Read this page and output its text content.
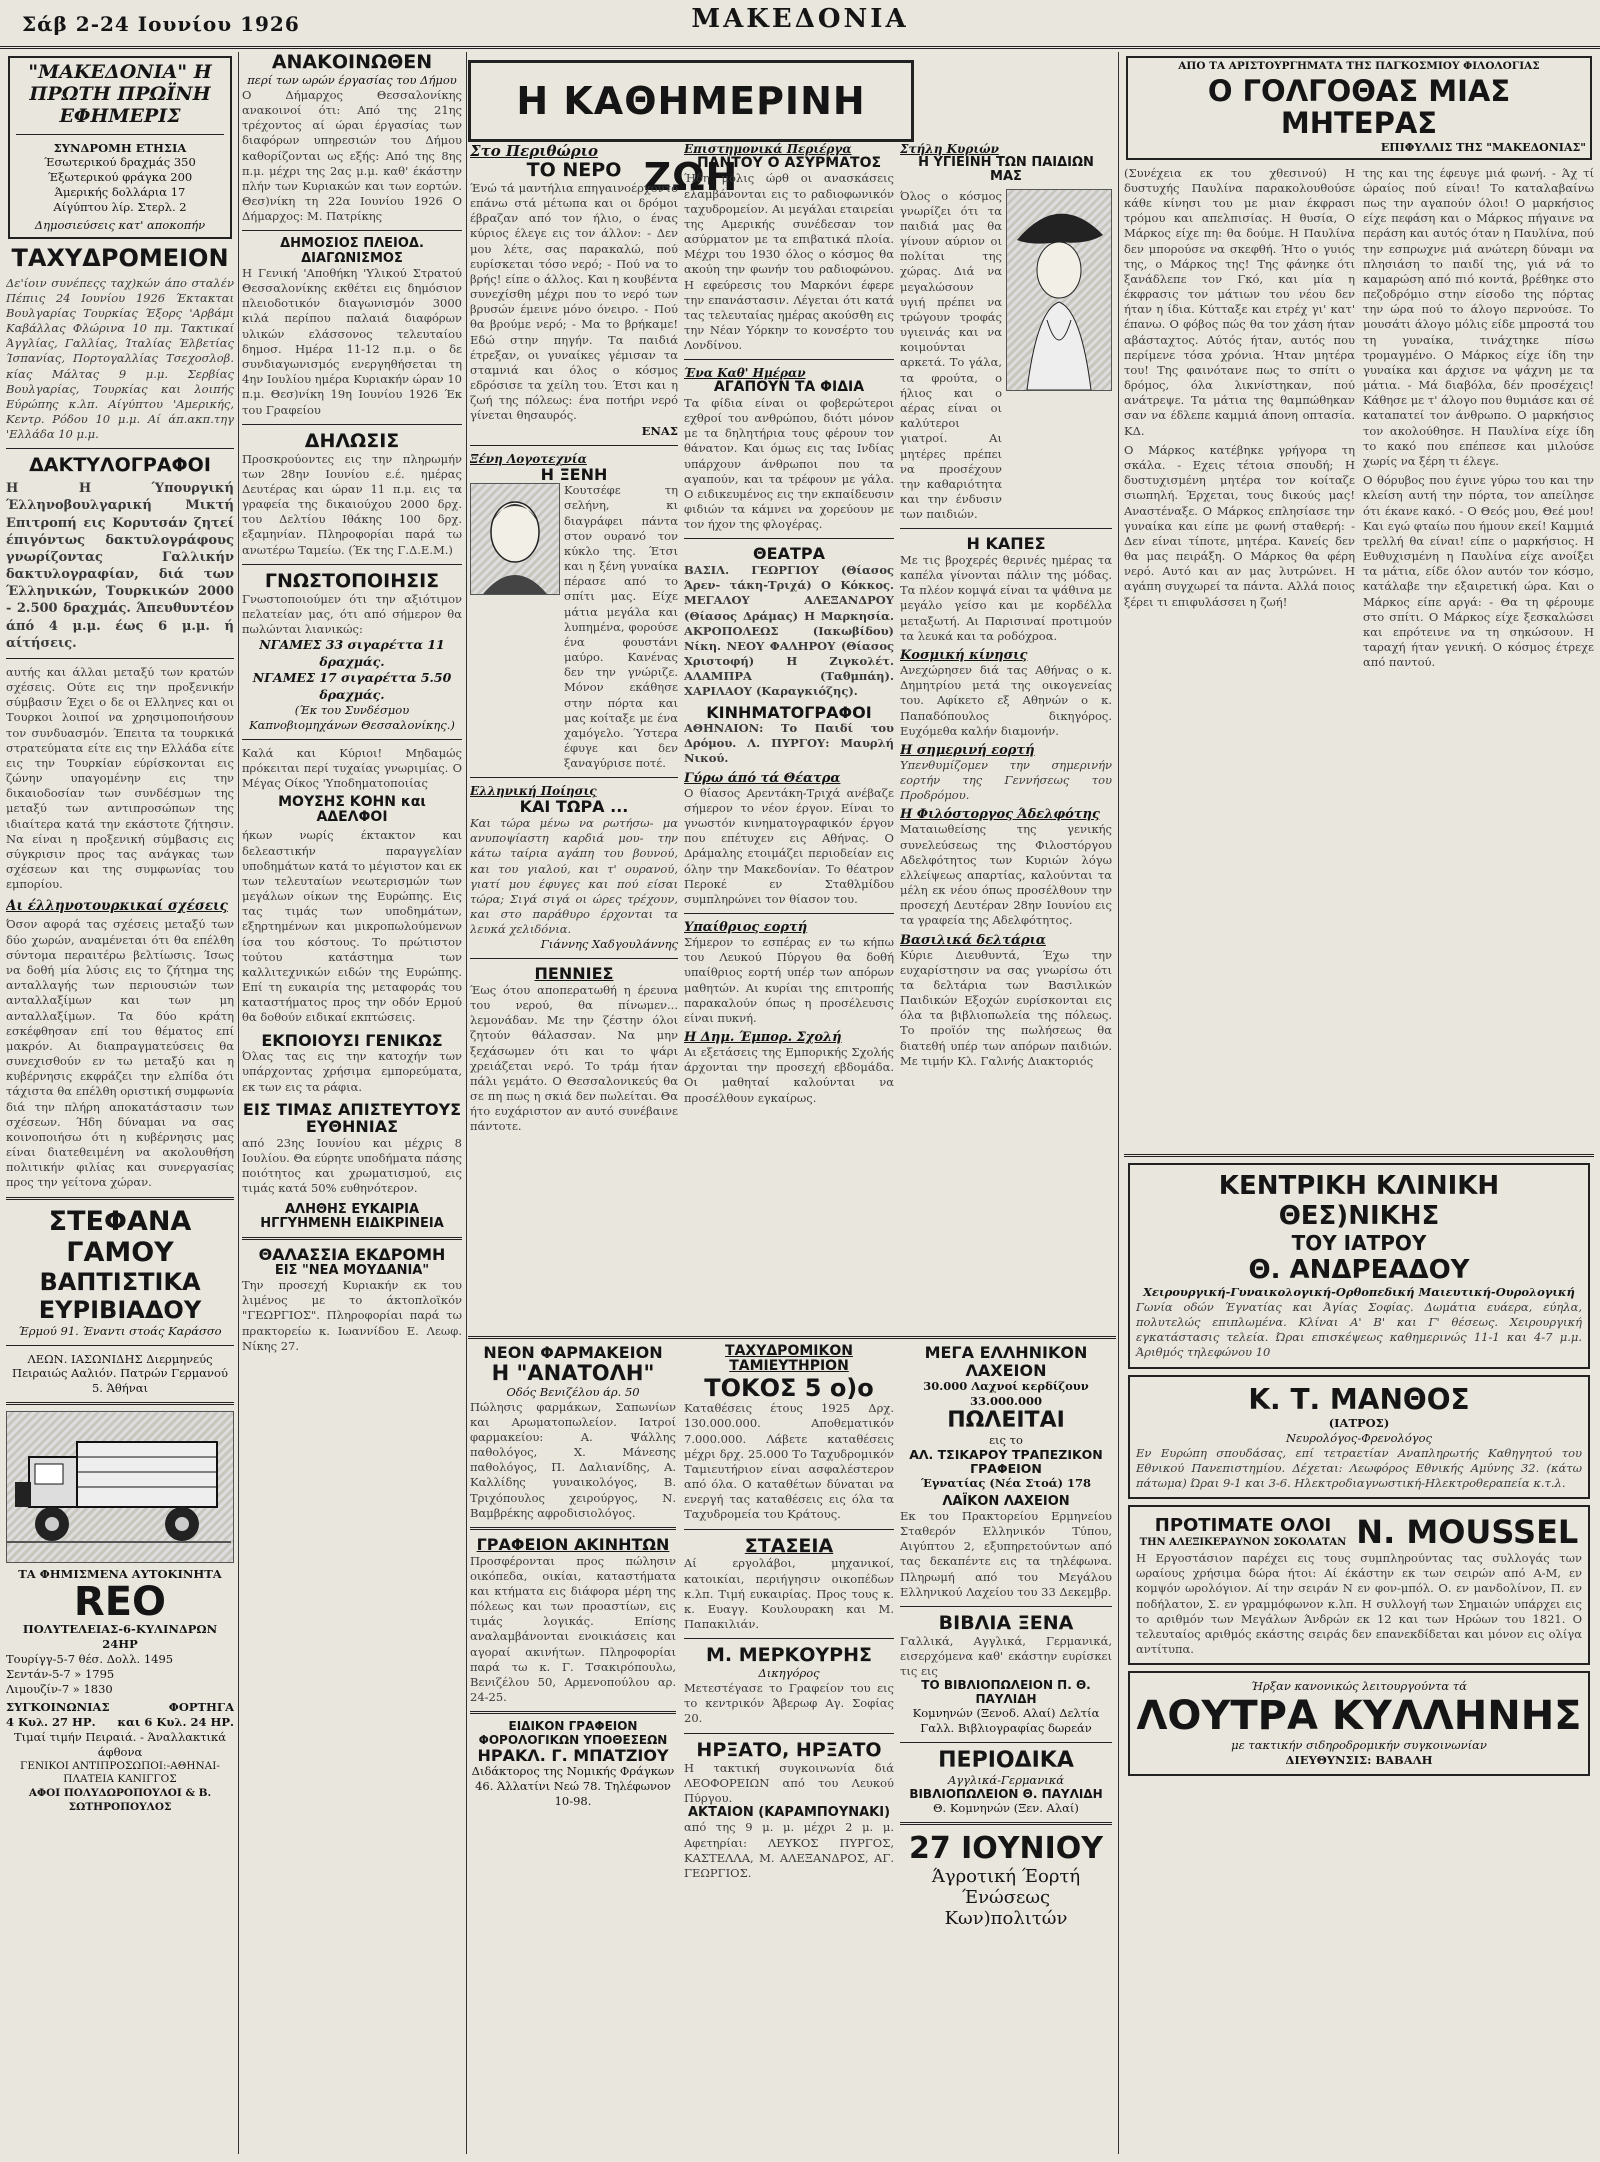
Σάβ 2-24 Ιουνίου 1926	ΜΑΚΕΔΟΝΙΑ
"ΜΑΚΕΔΟΝΙΑ" Η ΠΡΩΤΗ ΠΡΩΪΝΗ ΕΦΗΜΕΡΙΣ
ΣΥΝΔΡΟΜΗ ΕΤΗΣΙΑ
Έσωτερικού δραχμάς 350
Έξωτερικού φράγκα 200
Άμερικής δολλάρια 17
Αίγύπτου λίρ. Στερλ. 2
Δημοσιεύσεις κατ' αποκοπήν
ΤΑΧΥΔΡΟΜΕΙΟΝ
Δε'ίοιν συνέπεςς ταχ)κών άπο σταλέν Πέπιις 24 Ιουνίου 1926 Έκτακται Βουλγαρίας Τουρκίας Έξορς 'Αρβάμι Καβάλλας Φλώρινα 10 πμ. Τακτικαί Άγγλίας, Γαλλίας, Ίταλίας Έλβετίας Ίσπανίας, Πορτογαλλίας Τσεχοσλοβ. κίας Μάλτας 9 μ.μ. Σερβίας Βουλγαρίας, Τουρκίας και λοιπής Εύρώπης κ.λπ. Αίγύπτου 'Αμερικής, Κεντρ. Ρόδου 10 μ.μ. Αί άπ.ακπ.τηγ 'Ελλάδα 10 μ.μ.
ΔΑΚΤΥΛΟΓΡΑΦΟΙ
Η Η Ύπουργική Έλληνοβουλγαρική Μικτή Επιτροπή εις Κορυτσάν ζητεί έπιγόντως δακτυλογράφους γνωρίζοντας Γαλλικήν δακτυλογραφίαν, διά των Έλληνικών, Τουρκικών 2000 - 2.500 δραχμάς. Άπευθυντέον άπό 4 μ.μ. έως 6 μ.μ. ή αίτήσεις.
αυτής και άλλαι μεταξύ των κρατών σχέσεις. Ούτε εις την προξενικήν σύμβασιν Έχει ο δε οι Ελληνες και οι Τουρκοι λοιποί να χρησιμοποιήσουν τον συνδυασμόν. Έπειτα τα τουρκικά στρατεύματα είτε εις την Ελλάδα είτε εις την Τουρκίαν εύρίσκονται εις ζώνην υπαγομένην εις την δικαιοδοσίαν των συνδέσμων της μεταξύ των αντιπροσώπων της ιδιαίτερα κατά την εκάστοτε ζήτησιν. Να είναι η προξενική σύμβασις εις σύγκρισιν προς τας ανάγκας των σχέσεων και της συμφωνίας του εμπορίου.
Αι έλληνοτουρκικαί σχέσεις
Όσον αφορά τας σχέσεις μεταξύ των δύο χωρών, αναμένεται ότι θα επέλθη σύντομα περαιτέρω βελτίωσις. Ίσως να δοθή μία λύσις εις το ζήτημα της ανταλλαγής των περιουσιών των ανταλλαξίμων και των μη ανταλλαξίμων. Τα δύο κράτη εσκέφθησαν επί του θέματος επί μακρόν. Αι διαπραγματεύσεις θα συνεχισθούν εν τω μεταξύ και η κυβέρνησις εκφράζει την ελπίδα ότι τάχιστα θα επέλθη οριστική συμφωνία διά την πλήρη αποκατάστασιν των σχέσεων. Ήδη δύναμαι να σας κοινοποιήσω ότι η κυβέρνησις μας είναι διατεθειμένη να ακολουθήση πολιτικήν φιλίας και συνεργασίας προς την γείτονα χώραν.
ΣΤΕΦΑΝΑ ΓΑΜΟΥ
ΒΑΠΤΙΣΤΙΚΑ
ΕΥΡΙΒΙΑΔΟΥ
Έρμού 91. Έναντι στοάς Καράσσο
ΛΕΩΝ. ΙΑΣΩΝΙΔΗΣ Διερμηνεύς Πειραιώς Ααλιόν. Πατρών Γερμανού 5. Άθήναι
ΤΑ ΦΗΜΙΣΜΕΝΑ ΑΥΤΟΚΙΝΗΤΑ
REO
ΠΟΛΥΤΕΛΕΙΑΣ-6-ΚΥΛΙΝΔΡΩΝ 24ΗΡ
Τουρίγγ-5-7 θέσ. Δολλ. 1495
Σεντάν-5-7 » 1795
Λιμουζίν-7 » 1830
ΣΥΓΚΟΙΝΩΝΙΑΣ	ΦΟΡΤΗΓΑ
4 Κυλ. 27 ΗΡ. και 6 Κυλ. 24 ΗΡ.
Τιμαί τιμήν Πειραιά. - Άναλλακτικά άφθονα
ΓΕΝΙΚΟΙ ΑΝΤΙΠΡΟΣΩΠΟΙ:-ΑΘΗΝΑΙ-ΠΛΑΤΕΙΑ ΚΑΝΙΓΓΟΣ
ΑΦΟΙ ΠΟΛΥΔΩΡΟΠΟΥΛΟΙ & Β. ΣΩΤΗΡΟΠΟΥΛΟΣ
ΑΝΑΚΟΙΝΩΘΕΝ
περί των ωρών έργασίας του Δήμου
Ο Δήμαρχος Θεσσαλονίκης ανακοινοί ότι: Από της 21ης τρέχοντος αί ώραι έργασίας των διαφόρων υπηρεσιών του Δήμου καθορίζονται ως εξής: Από της 8ης π.μ. μέχρι της 2ας μ.μ. καθ' έκάστην πλήν των Κυριακών και των εορτών. Θεσ)νίκη τη 22α Ιουνίου 1926 Ο Δήμαρχος: Μ. Πατρίκης
ΔΗΜΟΣΙΟΣ ΠΛΕΙΟΔ. ΔΙΑΓΩΝΙΣΜΟΣ
Η Γενική 'Αποθήκη 'Υλικού Στρατού Θεσσαλονίκης εκθέτει εις δημόσιον πλειοδοτικόν διαγωνισμόν 3000 κιλά περίπου παλαιά διαφόρων υλικών ελάσσονος τελευταίου δημοσ. Ημέρα 11-12 π.μ. ο δε συνδιαγωνισμός ενεργηθήσεται τη 4ην Ιουλίου ημέρα Κυριακήν ώραν 10 π.μ. Θεσ)νίκη 19η Ιουνίου 1926 Έκ του Γραφείου
ΔΗΛΩΣΙΣ
Προσκρούοντες εις την πληρωμήν των 28ην Ιουνίου ε.έ. ημέρας Δευτέρας και ώραν 11 π.μ. εις τα γραφεία της δικαιούχου 2000 δρχ. του Δελτίου Ιθάκης 100 δρχ. εξαμηνίαν. Πληροφορίαι παρά τω ανωτέρω Ταμείω. (Έκ της Γ.Δ.Ε.Μ.)
ΓΝΩΣΤΟΠΟΙΗΣΙΣ
Γνωστοποιούμεν ότι την αξιότιμον πελατείαν μας, ότι από σήμερον θα πωλώνται λιανικώς:
ΝΓΑΜΕΣ 33 σιγαρέττα 11 δραχμάς.
ΝΓΑΜΕΣ 17 σιγαρέττα 5.50 δραχμάς.
(Έκ του Συνδέσμου Καπνοβιομηχάνων Θεσσαλονίκης.)
Καλά και Κύριοι! Μηδαμώς πρόκειται περί τυχαίας γνωριμίας. Ο Μέγας Οίκος 'Υποδηματοποιίας
ΜΟΥΣΗΣ ΚΟΗΝ και ΑΔΕΛΦΟΙ
ήκων νωρίς έκτακτον και δελεαστικήν παραγγελίαν υποδημάτων κατά το μέγιστον και εκ των τελευταίων νεωτερισμών των μεγάλων οίκων της Ευρώπης. Εις τας τιμάς των υποδημάτων, εξηρτημένων και μικροπωλούμενων ίσα του κόστους. Το πρώτιστον τούτου κατάστημα των καλλιτεχνικών ειδών της Ευρώπης. Επί τη ευκαιρία της μεταφοράς του καταστήματος προς την οδόν Ερμού θα δοθούν ειδικαί εκπτώσεις.
ΕΚΠΟΙΟΥΣΙ ΓΕΝΙΚΩΣ
Όλας τας εις την κατοχήν των υπάρχοντας χρήσιμα εμπορεύματα, εκ των εις τα ράφια.
ΕΙΣ ΤΙΜΑΣ ΑΠΙΣΤΕΥΤΟΥΣ ΕΥΘΗΝΙΑΣ
από 23ης Ιουνίου και μέχρις 8 Ιουλίου. Θα εύρητε υποδήματα πάσης ποιότητος και χρωματισμού, εις τιμάς κατά 50% ευθηνότερον.
ΑΛΗΘΗΣ ΕΥΚΑΙΡΙΑ ΗΓΓΥΗΜΕΝΗ ΕΙΔΙΚΡΙΝΕΙΑ
ΘΑΛΑΣΣΙΑ ΕΚΔΡΟΜΗ
ΕΙΣ "ΝΕΑ ΜΟΥΔΑΝΙΑ"
Την προσεχή Κυριακήν εκ του λιμένος με το άκτοπλοϊκόν "ΓΕΩΡΓΙΟΣ". Πληροφορίαι παρά τω πρακτορείω κ. Ιωαννίδου Ε. Λεωφ. Νίκης 27.
Η ΚΑΘΗΜΕΡΙΝΗ ΖΩΗ
Στο Περιθώριο
ΤΟ ΝΕΡΟ
Ένώ τά μαντήλια επηγαινοέρχοντο επάνω στά μέτωπα και οι δρόμοι έβραζαν από τον ήλιο, ο ένας κύριος έλεγε εις τον άλλον: - Δεν μου λέτε, σας παρακαλώ, πού ευρίσκεται τόσο νερό; - Πού να το βρής! είπε ο άλλος. Και η κουβέντα συνεχίσθη μέχρι που το νερό των βρυσών έμεινε μόνο όνειρο. - Πού θα βρούμε νερό; - Μα το βρήκαμε! Εδώ στην πηγήν. Τα παιδιά έτρεξαν, οι γυναίκες γέμισαν τα σταμνιά και όλος ο κόσμος εδρόσισε τα χείλη του. Έτσι και η ζωή της πόλεως: ένα ποτήρι νερό γίνεται θησαυρός.
ΕΝΑΣ
Ξένη Λογοτεχνία
Η ΞΕΝΗ
Κουτσέφε τη σελήνη, κι διαγράφει πάντα στον ουρανό τον κύκλο της. Έτσι και η ξένη γυναίκα πέρασε από το σπίτι μας. Είχε μάτια μεγάλα και λυπημένα, φορούσε ένα φουστάνι μαύρο. Κανένας δεν την γνώριζε. Μόνον εκάθησε στην πόρτα και μας κοίταξε με ένα χαμόγελο. Ύστερα έφυγε και δεν ξαναγύρισε ποτέ.
Ελληνική Ποίησις
ΚΑΙ ΤΩΡΑ ...
Και τώρα μένω να ρωτήσω- μα ανυποψίαστη καρδιά μου- την κάτω ταίρια αγάπη του βουνού, και του γιαλού, και τ' ουρανού, γιατί μου έφυγες και πού είσαι τώρα; Σιγά σιγά οι ώρες τρέχουν, και στο παράθυρο έρχονται τα λευκά χελιδόνια.
Γιάννης Χαδγουλάννης
ΠΕΝΝΙΕΣ
Έως ότου αποπερατωθή η έρευνα του νερού, θα πίνωμεν... λεμονάδαν. Με την ζέστην όλοι ζητούν θάλασσαν. Να μην ξεχάσωμεν ότι και το ψάρι χρειάζεται νερό. Το τράμ ήταν πάλι γεμάτο. Ο Θεσσαλονικεύς θα σε πη πως η σκιά δεν πωλείται. Θα ήτο ευχάριστον αν αυτό συνέβαινε πάντοτε.
Επιστημονικά Περιέργα
ΠΑΝΤΟΥ Ο ΑΣΥΡΜΑΤΟΣ
Ήδη μόλις ώρθ οι ανασκάσεις ελαμβάνονται εις το ραδιοφωνικόν ταχυδρομείον. Αι μεγάλαι εταιρείαι της Αμερικής συνέδεσαν τον ασύρματον με τα επιβατικά πλοία. Μέχρι του 1930 όλος ο κόσμος θα ακούη την φωνήν του ραδιοφώνου. Η εφεύρεσις του Μαρκόνι έφερε την επανάστασιν. Λέγεται ότι κατά τας τελευταίας ημέρας ακούσθη εις την Νέαν Υόρκην το κονσέρτο του Λονδίνου.
Ένα Καθ' Ημέραν
ΑΓΑΠΟΥΝ ΤΑ ΦΙΔΙΑ
Τα φίδια είναι οι φοβερώτεροι εχθροί του ανθρώπου, διότι μόνον με τα δηλητήρια τους φέρουν τον θάνατον. Και όμως εις τας Ινδίας υπάρχουν άνθρωποι που τα αγαπούν, και τα τρέφουν με γάλα. Ο ειδικευμένος εις την εκπαίδευσιν φιδιών τα κάμνει να χορεύουν με τον ήχον της φλογέρας.
ΘΕΑΤΡΑ
ΒΑΣΙΛ. ΓΕΩΡΓΙΟΥ (Θίασος Άρεν- τάκη-Τριχά) Ο Κόκκος. ΜΕΓΑΛΟΥ ΑΛΕΞΑΝΔΡΟΥ (Θίασος Δράμας) Η Μαρκησία. ΑΚΡΟΠΟΛΕΩΣ (Ιακωβίδου) Νίκη. ΝΕΟΥ ΦΑΛΗΡΟΥ (Θίασος Χριστοφή) Η Ζιγκολέτ. ΑΛΑΜΠΡΑ (Ταθμπάη). ΧΑΡΙΛΑΟΥ (Καραγκιόζης).
ΚΙΝΗΜΑΤΟΓΡΑΦΟΙ
ΑΘΗΝΑΙΟΝ: Το Παιδί του Δρόμου. Λ. ΠΥΡΓΟΥ: Μαυρλή Νικού.
Γύρω άπό τά Θέατρα
Ο θίασος Αρεντάκη-Τριχά ανέβαζε σήμερον το νέον έργον. Είναι το γνωστόν κινηματογραφικόν έργον που επέτυχεν εις Αθήνας. Ο Δράμαλης ετοιμάζει περιοδείαν εις όλην την Μακεδονίαν. Το θέατρον Περοκέ εν Σταθλμίδου συμπληρώνει τον θίασον του.
Υπαίθριος εορτή
Σήμερον το εσπέρας εν τω κήπω του Λευκού Πύργου θα δοθή υπαίθριος εορτή υπέρ των απόρων μαθητών. Αι κυρίαι της επιτροπής παρακαλούν όπως η προσέλευσις είναι πυκνή.
Η Δημ. Έμπορ. Σχολή
Αι εξετάσεις της Εμπορικής Σχολής άρχονται την προσεχή εβδομάδα. Οι μαθηταί καλούνται να προσέλθουν εγκαίρως.
Στήλη Κυριών
Η ΥΓΙΕΙΝΗ ΤΩΝ ΠΑΙΔΙΩΝ ΜΑΣ
Όλος ο κόσμος γνωρίζει ότι τα παιδιά μας θα γίνουν αύριον οι πολίται της χώρας. Διά να μεγαλώσουν υγιή πρέπει να τρώγουν τροφάς υγιεινάς και να κοιμούνται αρκετά. Το γάλα, τα φρούτα, ο ήλιος και ο αέρας είναι οι καλύτεροι γιατροί. Αι μητέρες πρέπει να προσέχουν την καθαριότητα και την ένδυσιν των παιδιών.
Η ΚΑΠΕΣ
Με τις βροχερές θερινές ημέρας τα καπέλα γίνονται πάλιν της μόδας. Τα πλέον κομψά είναι τα ψάθινα με μεγάλο γείσο και με κορδέλλα μεταξωτή. Αι Παρισιναί προτιμούν τα λευκά και τα ροδόχροα.
Κοσμική κίνησις
Ανεχώρησεν διά τας Αθήνας ο κ. Δημητρίου μετά της οικογενείας του. Αφίκετο εξ Αθηνών ο κ. Παπαδόπουλος δικηγόρος. Ευχόμεθα καλήν διαμονήν.
Η σημερινή εορτή
Υπενθυμίζομεν την σημερινήν εορτήν της Γεννήσεως του Προδρόμου.
Η Φιλόστοργος Άδελφότης
Ματαιωθείσης της γενικής συνελεύσεως της Φιλοστόργου Αδελφότητος των Κυριών λόγω ελλείψεως απαρτίας, καλούνται τα μέλη εκ νέου όπως προσέλθουν την προσεχή Δευτέραν 28ην Ιουνίου εις τα γραφεία της Αδελφότητος.
Βασιλικά δελτάρια
Κύριε Διευθυντά, Έχω την ευχαρίστησιν να σας γνωρίσω ότι τα δελτάρια των Βασιλικών Παιδικών Εξοχών ευρίσκονται εις όλα τα βιβλιοπωλεία της πόλεως. Το προϊόν της πωλήσεως θα διατεθή υπέρ των απόρων παιδιών. Με τιμήν Κλ. Γαλνής Διακτοριός
ΝΕΟΝ ΦΑΡΜΑΚΕΙΟΝ
Η "ΑΝΑΤΟΛΗ"
Οδός Βενιζέλου άρ. 50
Πώλησις φαρμάκων, Σαπωνίων και Αρωματοπωλείον. Ιατροί φαρμακείου: Α. Ψάλλης παθολόγος, Χ. Μάνεσης παθολόγος, Π. Δαλιανίδης, Α. Καλλίδης γυναικολόγος, Β. Τριχόπουλος χειρούργος, Ν. Βαμβρέκης αφροδισιολόγος.
ΓΡΑΦΕΙΟΝ ΑΚΙΝΗΤΩΝ
Προσφέρονται προς πώλησιν οικόπεδα, οικίαι, καταστήματα και κτήματα εις διάφορα μέρη της πόλεως και των προαστίων, εις τιμάς λογικάς. Επίσης αναλαμβάνονται ενοικιάσεις και αγοραί ακινήτων. Πληροφορίαι παρά τω κ. Γ. Τσακιρόπουλω, Βενιζέλου 50, Αρμενοπούλου αρ. 24-25.
ΕΙΔΙΚΟΝ ΓΡΑΦΕΙΟΝ ΦΟΡΟΛΟΓΙΚΩΝ ΥΠΟΘΕΣΕΩΝ
ΗΡΑΚΛ. Γ. ΜΠΑΤΖΙΟΥ
Διδάκτορος της Νομικής Φράγκων 46. Άλλατίνι Νεώ 78. Τηλέφωνον 10-98.
ΤΑΧΥΔΡΟΜΙΚΟΝ ΤΑΜΙΕΥΤΗΡΙΟΝ
ΤΟΚΟΣ 5 ο)ο
Καταθέσεις έτους 1925 Δρχ. 130.000.000. Αποθεματικόν 7.000.000. Λάβετε καταθέσεις μέχρι δρχ. 25.000 Το Ταχυδρομικόν Ταμιευτήριον είναι ασφαλέστερον από όλα. Ο καταθέτων δύναται να ενεργή τας καταθέσεις εις όλα τα Ταχυδρομεία του Κράτους.
ΣΤΑΣΕΙΑ
Αί εργολάβοι, μηχανικοί, κατοικίαι, περιήγησιν οικοπέδων κ.λπ. Τιμή ευκαιρίας. Προς τους κ. κ. Ευαγγ. Κουλουρακη και Μ. Παπακιλιάν.
Μ. ΜΕΡΚΟΥΡΗΣ
Δικηγόρος
Μετεστέγασε το Γραφείον του εις το κεντρικόν Άβερωφ Αγ. Σοφίας 20.
ΗΡΞΑΤΟ, ΗΡΞΑΤΟ
Η τακτική συγκοινωνία διά ΛΕΟΦΟΡΕΙΩΝ από του Λευκού Πύργου.
ΑΚΤΑΙΟΝ (ΚΑΡΑΜΠΟΥΝΑΚΙ)
από της 9 μ. μ. μέχρι 2 μ. μ. Αφετηρίαι: ΛΕΥΚΟΣ ΠΥΡΓΟΣ, ΚΑΣΤΕΛΛΑ, Μ. ΑΛΕΞΑΝΔΡΟΣ, ΑΓ. ΓΕΩΡΓΙΟΣ.
ΜΕΓΑ ΕΛΛΗΝΙΚΟΝ ΛΑΧΕΙΟΝ
30.000 Λαχνοί κερδίζουν 33.000.000
ΠΩΛΕΙΤΑΙ
εις το
ΑΛ. ΤΣΙΚΑΡΟΥ ΤΡΑΠΕΖΙΚΟΝ ΓΡΑΦΕΙΟΝ
Έγνατίας (Νέα Στοά) 178
ΛΑΪΚΟΝ ΛΑΧΕΙΟΝ
Εκ του Πρακτορείου Ερμηνείου Σταθερόν Ελληνικόν Τύπου, Αιγύπτου 2, εξυπηρετούντων από τας δεκαπέντε εις τα τηλέφωνα. Πληρωμή από του Μεγάλου Ελληνικού Λαχείου του 33 Δεκεμβρ.
ΒΙΒΛΙΑ ΞΕΝΑ
Γαλλικά, Αγγλικά, Γερμανικά, εισερχόμενα καθ' εκάστην ευρίσκει τις εις
ΤΟ ΒΙΒΛΙΟΠΩΛΕΙΟΝ Π. Θ. ΠΑΥΛΙΔΗ
Κομνηνών (Ξενοδ. Αλαί) Δελτία Γαλλ. Βιβλιογραφίας δωρεάν
ΠΕΡΙΟΔΙΚΑ
Αγγλικά-Γερμανικά
ΒΙΒΛΙΟΠΩΛΕΙΟΝ Θ. ΠΑΥΛΙΔΗ
Θ. Κομνηνών (Ξεν. Αλαί)
27 ΙΟΥΝΙΟΥ
Άγροτική Έορτή
Ένώσεως
Κων)πολιτών
ΑΠΟ ΤΑ ΑΡΙΣΤΟΥΡΓΗΜΑΤΑ ΤΗΣ ΠΑΓΚΟΣΜΙΟΥ ΦΙΛΟΛΟΓΙΑΣ
Ο ΓΟΛΓΟΘΑΣ ΜΙΑΣ ΜΗΤΕΡΑΣ
ΕΠΙΦΥΛΛΙΣ ΤΗΣ "ΜΑΚΕΔΟΝΙΑΣ"
(Συνέχεια εκ του χθεσινού) Η δυστυχής Παυλίνα παρακολουθούσε κάθε κίνησι του με μιαν έκφρασι τρόμου και απελπισίας. Η θυσία, Ο Μάρκος είχε πη: θα δούμε. Η Παυλίνα δεν μπορούσε να σκεφθή. Ήτο ο γυιός της, ο Μάρκος της! Της φάνηκε ότι ξανάδλεπε τον Γκό, και μία η έκφρασις τον μάτιων του νέου δεν ήταν η ίδια. Κύτταξε και ετρέχ γι' κατ' έπανω. Ο φόβος πώς θα τον χάση ήταν αβάσταχτος. Αύτός ήταν, αυτός που περίμενε τόσα χρόνια. Ήταν μητέρα του! Της φαινότανε πως το σπίτι ο δρόμος, όλα λικνίστηκαν, πού ανάτρεψε. Τα μάτια της θαμπώθηκαν σαν να έδλεπε καμμιά άπονη οπτασία. ΚΔ.
Ο Μάρκος κατέβηκε γρήγορα τη σκάλα. - Εχεις τέτοια σπουδή; Η δυστυχισμένη μητέρα τον κοίταζε σιωπηλή. Έρχεται, τους δικούς μας! Αναστέναξε. Ο Μάρκος επλησίασε την γυναίκα και είπε με φωνή σταθερή: - Δεν είναι τίποτε, μητέρα. Κανείς δεν θα μας πειράξη. Ο Μάρκος θα φέρη νερό. Αυτό και αν μας λυτρώνει. Η αγάπη συγχωρεί τα πάντα. Αλλά ποιος ξέρει τι επιφυλάσσει η ζωή!
της και της έφευγε μιά φωνή. - Άχ τί ώραίος πού είναι! Το καταλαβαίνω πως την αγαπούν όλοι! Ο μαρκήσιος είχε πεφάση και ο Μάρκος πήγαινε να περάση και αυτός όταν η Παυλίνα, πού την εσπρωχνε μιά ανώτερη δύναμι να πλησιάση το παιδί της, γιά νά το καμαρώση από πιό κοντά, βρέθηκε στο πεζοδρόμιο στην είσοδο της πόρτας την ώρα πού το άλογο περνούσε. Το μουσάτι άλογο μόλις είδε μπροστά του τη γυναίκα, τινάχτηκε πίσω τρομαγμένο. Ο Μάρκος είχε ίδη την γυναίκα και άρχισε να ψάχνη με τα μάτια. - Μά διαβόλα, δέν προσέχεις! Κάθησε με τ' άλογο που θυμιάσε και σέ καταπατεί τον άνθρωπο. Ο μαρκήσιος τον ακολούθησε. Η Παυλίνα είχε ίδη το κακό που επέπεσε και μιλούσε χωρίς να ξέρη τι έλεγε.
Ο θόρυβος που έγινε γύρω του και την κλείση αυτή την πόρτα, τον απείλησε ότι έκανε κακό. - Ο Θεός μου, Θεέ μου! Και εγώ φταίω που ήμουν εκεί! Καμμιά τρελλή θα είναι! είπε ο μαρκήσιος. Η Ευθυχισμένη η Παυλίνα είχε ανοίξει τα μάτια, είδε όλον αυτόν τον κόσμο, κατάλαβε την εξαιρετική ώρα. Και ο Μάρκος είπε αργά: - Θα τη φέρουμε στο σπίτι. Ο Μάρκος είχε ξεσκαλώσει και επρότεινε να τη σηκώσουν. Η ταραχή ήταν γενική. Ο κόσμος έτρεχε από παντού.
ΚΕΝΤΡΙΚΗ ΚΛΙΝΙΚΗ ΘΕΣ)ΝΙΚΗΣ
ΤΟΥ ΙΑΤΡΟΥ
Θ. ΑΝΔΡΕΑΔΟΥ
Χειρουργική-Γυναικολογική-Ορθοπεδική Μαιευτική-Ουρολογική
Γωνία οδών Έγνατίας και Άγίας Σοφίας. Δωμάτια ευάερα, εύηλα, πολυτελώς επιπλωμένα. Κλίναι Α' Β' και Γ' θέσεως. Χειρουργική εγκατάστασις τελεία. Ώραι επισκέψεως καθημερινώς 11-1 και 4-7 μ.μ. Άριθμός τηλεφώνου 10
Κ. Τ. ΜΑΝΘΟΣ
(ΙΑΤΡΟΣ)
Νευρολόγος-Φρενολόγος
Εν Ευρώπη σπουδάσας, επί τετραετίαν Αναπληρωτής Καθηγητού του Εθνικού Πανεπιστημίου. Δέχεται: Λεωφόρος Εθνικής Αμύνης 32. (κάτω πάτωμα) Ώραι 9-1 και 3-6. Ηλεκτροδιαγνωστική-Ηλεκτροθεραπεία κ.τ.λ.
ΠΡΟΤΙΜΑΤΕ ΟΛΟΙ
ΤΗΝ ΑΛΕΞΙΚΕΡΑΥΝΟΝ ΣΟΚΟΛΑΤΑΝ N. MOUSSEL
Η Εργοστάσιον παρέχει εις τους συμπληρούντας τας συλλογάς των ωραίους χρήσιμα δώρα ήτοι: Αί έκάστην εκ των σειρών από Α-Μ, εν κομψόν ωρολόγιον. Αί την σειράν Ν εν φον-μπόλ. Ο. εν μανδολίνον, Π. εν ποδήλατον, Σ. εν γραμμόφωνον κ.λπ. Η συλλογή των Σημαιών υπάρχει εις το αριθμόν των Μεγάλων Άνδρών εκ 12 και των Ηρώων του 1821. Ο τελευταίος αριθμός εκάστης σειράς δεν επανεκδίδεται και μόνον εις ολίγα αντίτυπα.
Ήρξαν κανονικώς λειτουργούντα τά
ΛΟΥΤΡΑ ΚΥΛΛΗΝΗΣ
με τακτικήν σιδηροδρομικήν συγκοινωνίαν
ΔΙΕΥΘΥΝΣΙΣ: ΒΑΒΑΛΗ
